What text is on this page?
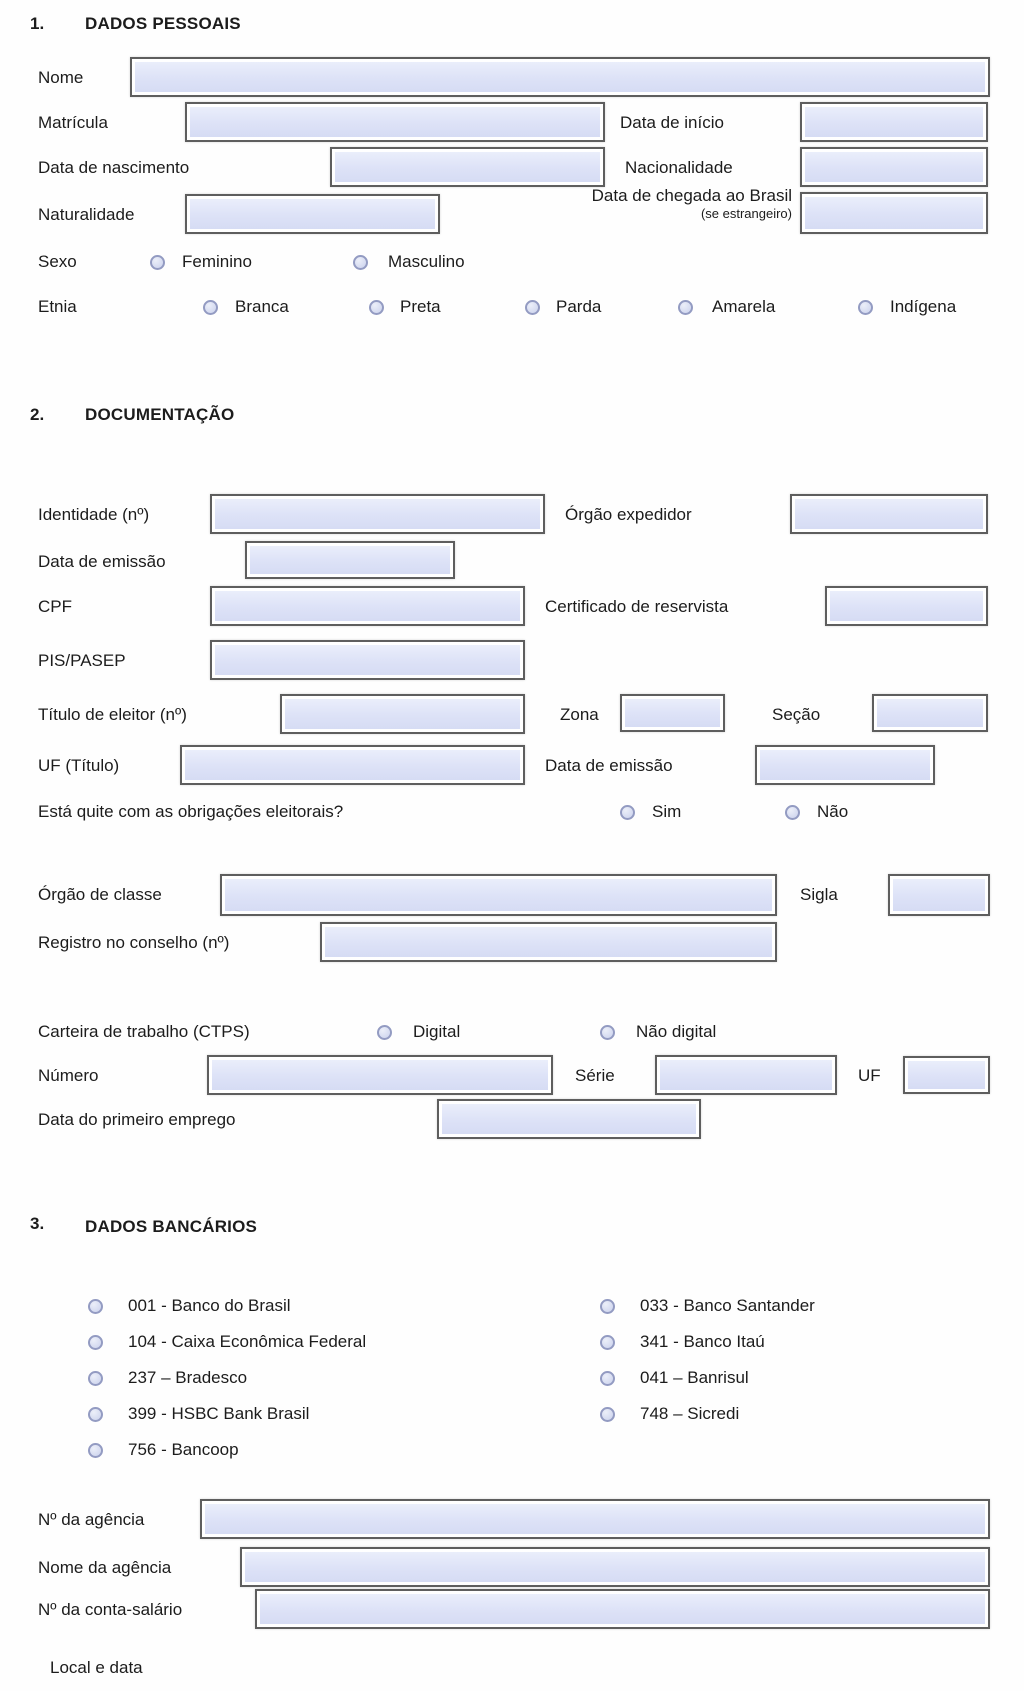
1. DADOS PESSOAIS
Nome
Matrícula	Data de início
Data de nascimento	Nacionalidade
Naturalidade
Data de chegada ao Brasil
(se estrangeiro)
Sexo	Feminino	Masculino
Etnia	Branca	Preta	Parda	Amarela	Indígena
2. DOCUMENTAÇÃO
Identidade (nº)	Órgão expedidor
Data de emissão
CPF	Certificado de reservista
PIS/PASEP
Título de eleitor (nº)	Zona	Seção
UF (Título)	Data de emissão
Está quite com as obrigações eleitorais?	Sim	Não
Órgão de classe	Sigla
Registro no conselho (nº)
Carteira de trabalho (CTPS)	Digital	Não digital
Número	Série	UF
Data do primeiro emprego
3. DADOS BANCÁRIOS
001 - Banco do Brasil	033 - Banco Santander
104 - Caixa Econômica Federal	341 - Banco Itaú
237 – Bradesco	041 – Banrisul
399 - HSBC Bank Brasil	748 – Sicredi
756 - Bancoop
Nº da agência
Nome da agência
Nº da conta-salário
Local e data
